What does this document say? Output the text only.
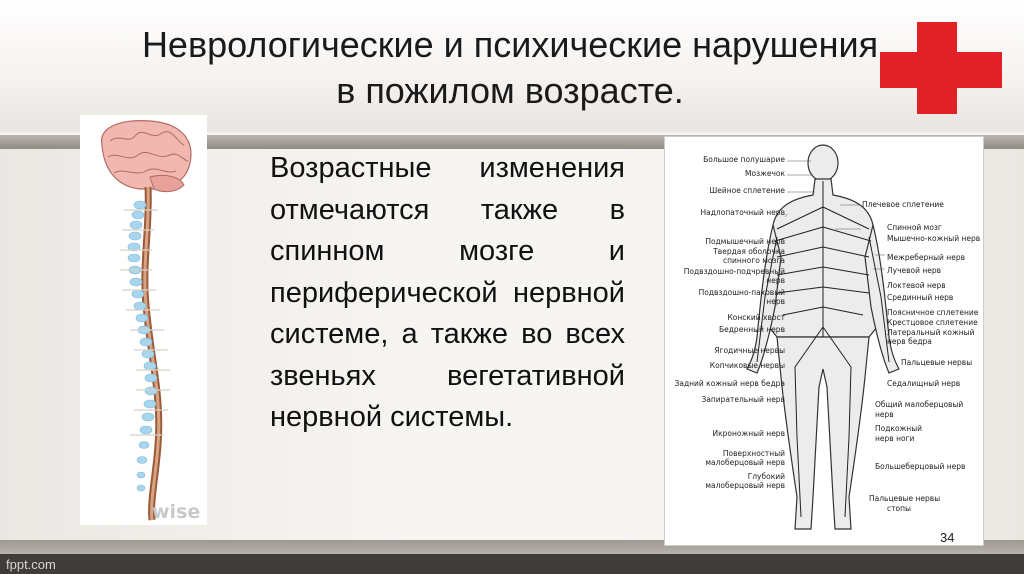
fppt.com
Неврологические и психические нарушения
в пожилом возрасте.
wise
Возрастные изменения отмечаются также в спинном мозге и периферической нервной системе, а также во всех звеньях вегетативной нервной системы.
Большое полушарие
Мозжечок
Шейное сплетение
Надлопаточный нерв
Подмышечный нерв
Твердая оболочка
спинного мозга
Подвздошно-подчревный
нерв
Подвздошно-паховый
нерв
Конский хвост
Бедренный нерв
Ягодичные нервы
Копчиковые нервы
Задний кожный нерв бедра
Запирательный нерв
Икроножный нерв
Поверхностный
малоберцовый нерв
Глубокий
малоберцовый нерв
Плечевое сплетение
Спинной мозг
Мышечно-кожный нерв
Межреберный нерв
Лучевой нерв
Локтевой нерв
Срединный нерв
Поясничное сплетение
Крестцовое сплетение
Латеральный кожный
нерв бедра
Пальцевые нервы
Седалищный нерв
Общий малоберцовый
нерв
Подкожный
нерв ноги
Большеберцовый нерв
Пальцевые нервы
стопы
34
